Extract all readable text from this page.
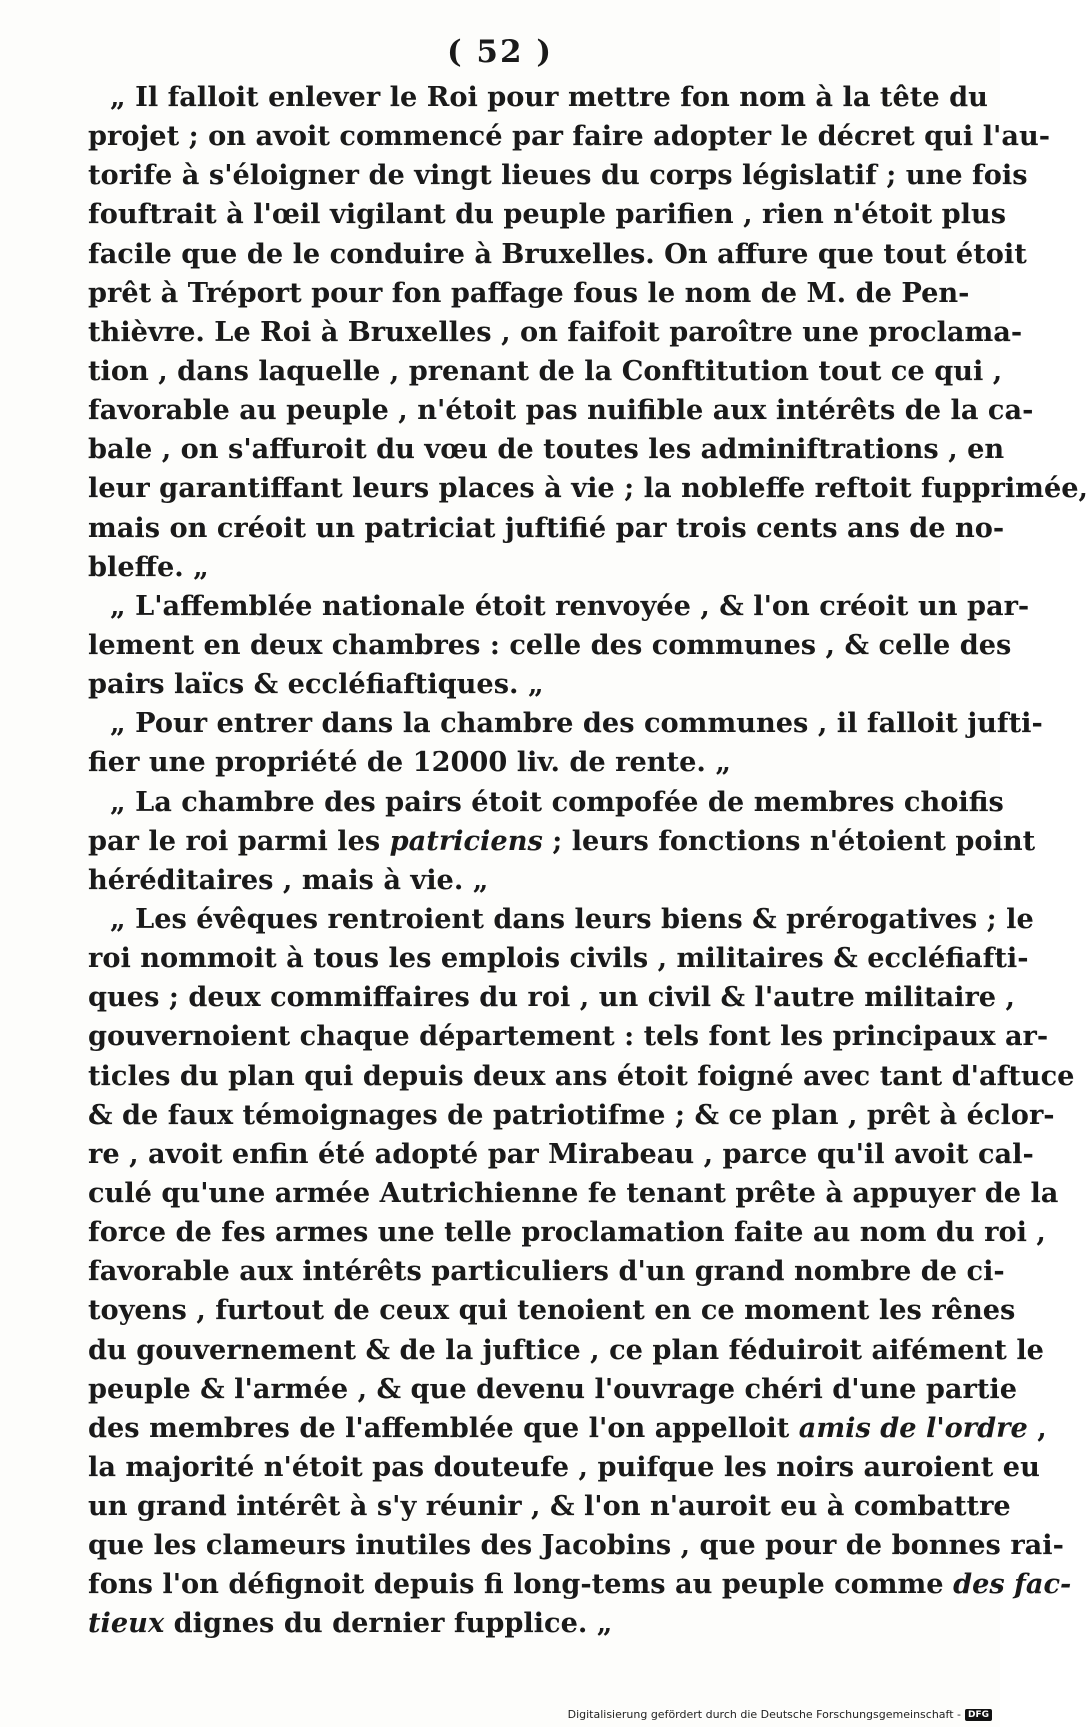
( 52 )
„ Il falloit enlever le Roi pour mettre fon nom à la tête du
projet ; on avoit commencé par faire adopter le décret qui l'au-
torife à s'éloigner de vingt lieues du corps législatif ; une fois
fouftrait à l'œil vigilant du peuple parifien , rien n'étoit plus
facile que de le conduire à Bruxelles. On affure que tout étoit
prêt à Tréport pour fon paffage fous le nom de M. de Pen-
thièvre. Le Roi à Bruxelles , on faifoit paroître une proclama-
tion , dans laquelle , prenant de la Conftitution tout ce qui ,
favorable au peuple , n'étoit pas nuifible aux intérêts de la ca-
bale , on s'affuroit du vœu de toutes les adminiftrations , en
leur garantiffant leurs places à vie ; la nobleffe reftoit fupprimée,
mais on créoit un patriciat juftifié par trois cents ans de no-
bleffe. „
„ L'affemblée nationale étoit renvoyée , & l'on créoit un par-
lement en deux chambres : celle des communes , & celle des
pairs laïcs & eccléfiaftiques. „
„ Pour entrer dans la chambre des communes , il falloit jufti-
fier une propriété de 12000 liv. de rente. „
„ La chambre des pairs étoit compofée de membres choifis
par le roi parmi les patriciens ; leurs fonctions n'étoient point
héréditaires , mais à vie. „
„ Les évêques rentroient dans leurs biens & prérogatives ; le
roi nommoit à tous les emplois civils , militaires & eccléfiafti-
ques ; deux commiffaires du roi , un civil & l'autre militaire ,
gouvernoient chaque département : tels font les principaux ar-
ticles du plan qui depuis deux ans étoit foigné avec tant d'aftuce
& de faux témoignages de patriotifme ; & ce plan , prêt à éclor-
re , avoit enfin été adopté par Mirabeau , parce qu'il avoit cal-
culé qu'une armée Autrichienne fe tenant prête à appuyer de la
force de fes armes une telle proclamation faite au nom du roi ,
favorable aux intérêts particuliers d'un grand nombre de ci-
toyens , furtout de ceux qui tenoient en ce moment les rênes
du gouvernement & de la juftice , ce plan féduiroit aifément le
peuple & l'armée , & que devenu l'ouvrage chéri d'une partie
des membres de l'affemblée que l'on appelloit amis de l'ordre ,
la majorité n'étoit pas douteufe , puifque les noirs auroient eu
un grand intérêt à s'y réunir , & l'on n'auroit eu à combattre
que les clameurs inutiles des Jacobins , que pour de bonnes rai-
fons l'on défignoit depuis fi long-tems au peuple comme des fac-
tieux dignes du dernier fupplice. „
Digitalisierung gefördert durch die Deutsche Forschungsgemeinschaft - DFG
